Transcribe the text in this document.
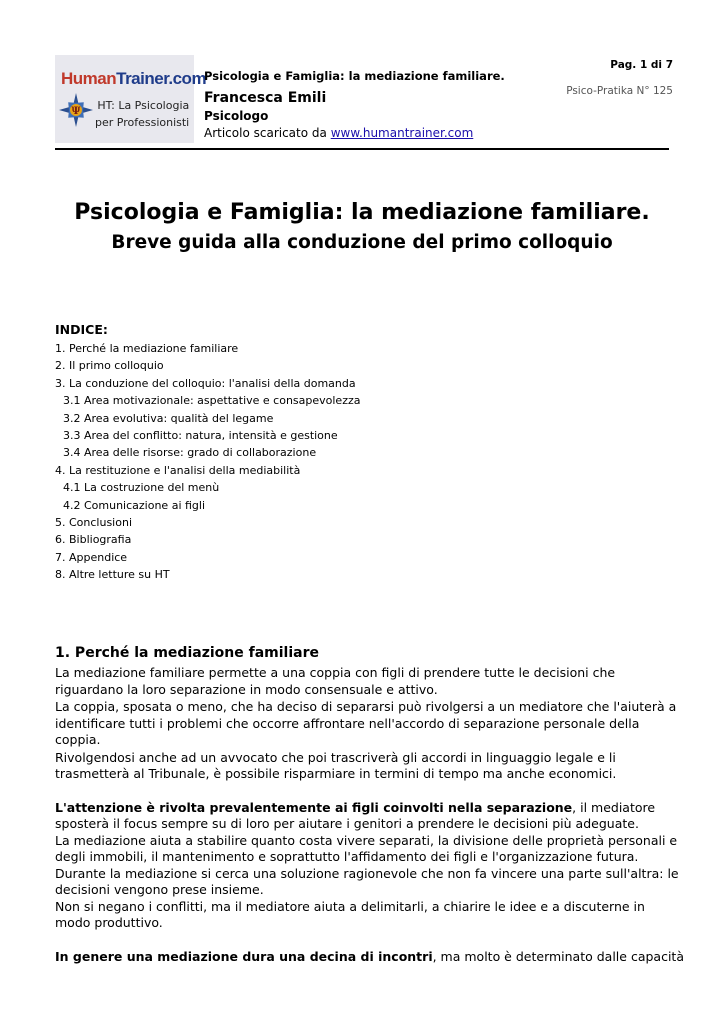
HumanTrainer.com
Ψ HT: La Psicologia
per Professionisti
Psicologia e Famiglia: la mediazione familiare.
Francesca Emili
Psicologo
Articolo scaricato da www.humantrainer.com
Pag. 1 di 7
Psico-Pratika N° 125
Psicologia e Famiglia: la mediazione familiare.
Breve guida alla conduzione del primo colloquio
INDICE:
1. Perché la mediazione familiare
2. Il primo colloquio
3. La conduzione del colloquio: l'analisi della domanda
3.1 Area motivazionale: aspettative e consapevolezza
3.2 Area evolutiva: qualità del legame
3.3 Area del conflitto: natura, intensità e gestione
3.4 Area delle risorse: grado di collaborazione
4. La restituzione e l'analisi della mediabilità
4.1 La costruzione del menù
4.2 Comunicazione ai figli
5. Conclusioni
6. Bibliografia
7. Appendice
8. Altre letture su HT
1. Perché la mediazione familiare

La mediazione familiare permette a una coppia con figli di prendere tutte le decisioni che
riguardano la loro separazione in modo consensuale e attivo.

La coppia, sposata o meno, che ha deciso di separarsi può rivolgersi a un mediatore che l'aiuterà a
identificare tutti i problemi che occorre affrontare nell'accordo di separazione personale della
coppia.

Rivolgendosi anche ad un avvocato che poi trascriverà gli accordi in linguaggio legale e li
trasmetterà al Tribunale, è possibile risparmiare in termini di tempo ma anche economici.

L'attenzione è rivolta prevalentemente ai figli coinvolti nella separazione, il mediatore
sposterà il focus sempre su di loro per aiutare i genitori a prendere le decisioni più adeguate.
La mediazione aiuta a stabilire quanto costa vivere separati, la divisione delle proprietà personali e
degli immobili, il mantenimento e soprattutto l'affidamento dei figli e l'organizzazione futura.
Durante la mediazione si cerca una soluzione ragionevole che non fa vincere una parte sull'altra: le
decisioni vengono prese insieme.
Non si negano i conflitti, ma il mediatore aiuta a delimitarli, a chiarire le idee e a discuterne in
modo produttivo.

In genere una mediazione dura una decina di incontri, ma molto è determinato dalle capacità
